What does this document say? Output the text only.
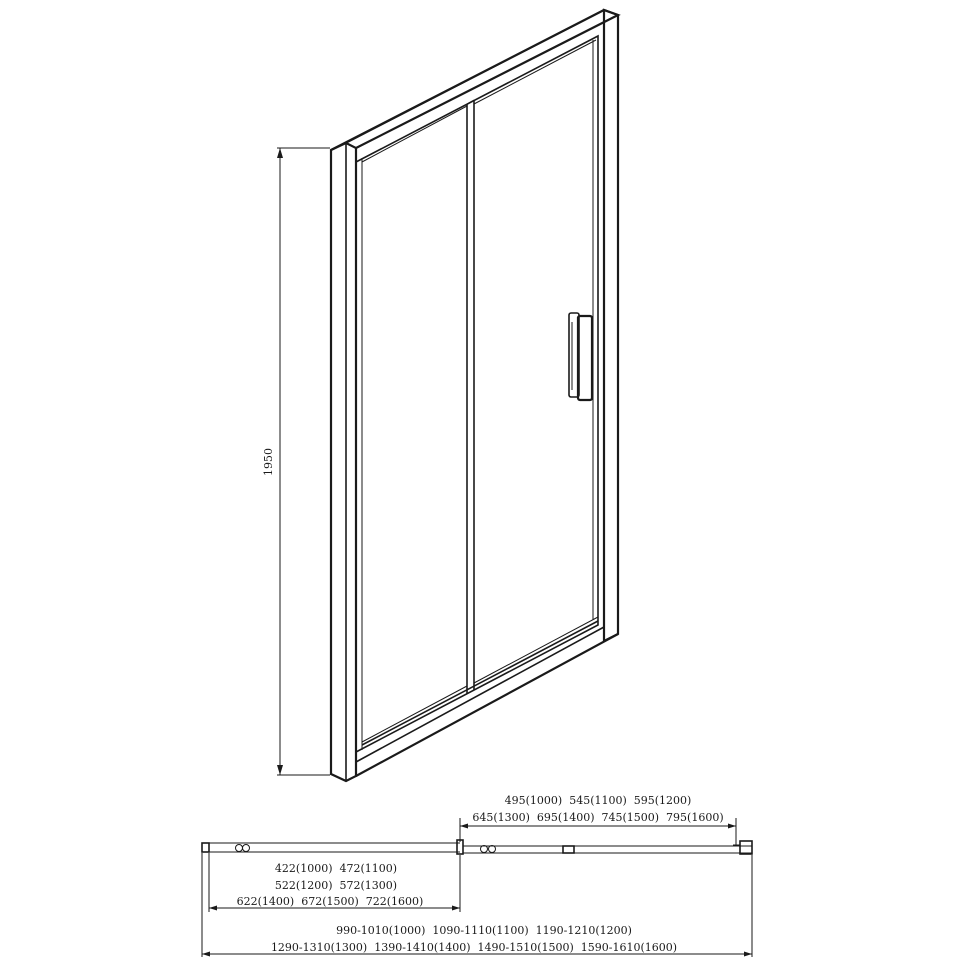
1950
495(1000)  545(1100)  595(1200)
645(1300)  695(1400)  745(1500)  795(1600)
422(1000)  472(1100)
522(1200)  572(1300)
622(1400)  672(1500)  722(1600)
990-1010(1000)  1090-1110(1100)  1190-1210(1200)
1290-1310(1300)  1390-1410(1400)  1490-1510(1500)  1590-1610(1600)
